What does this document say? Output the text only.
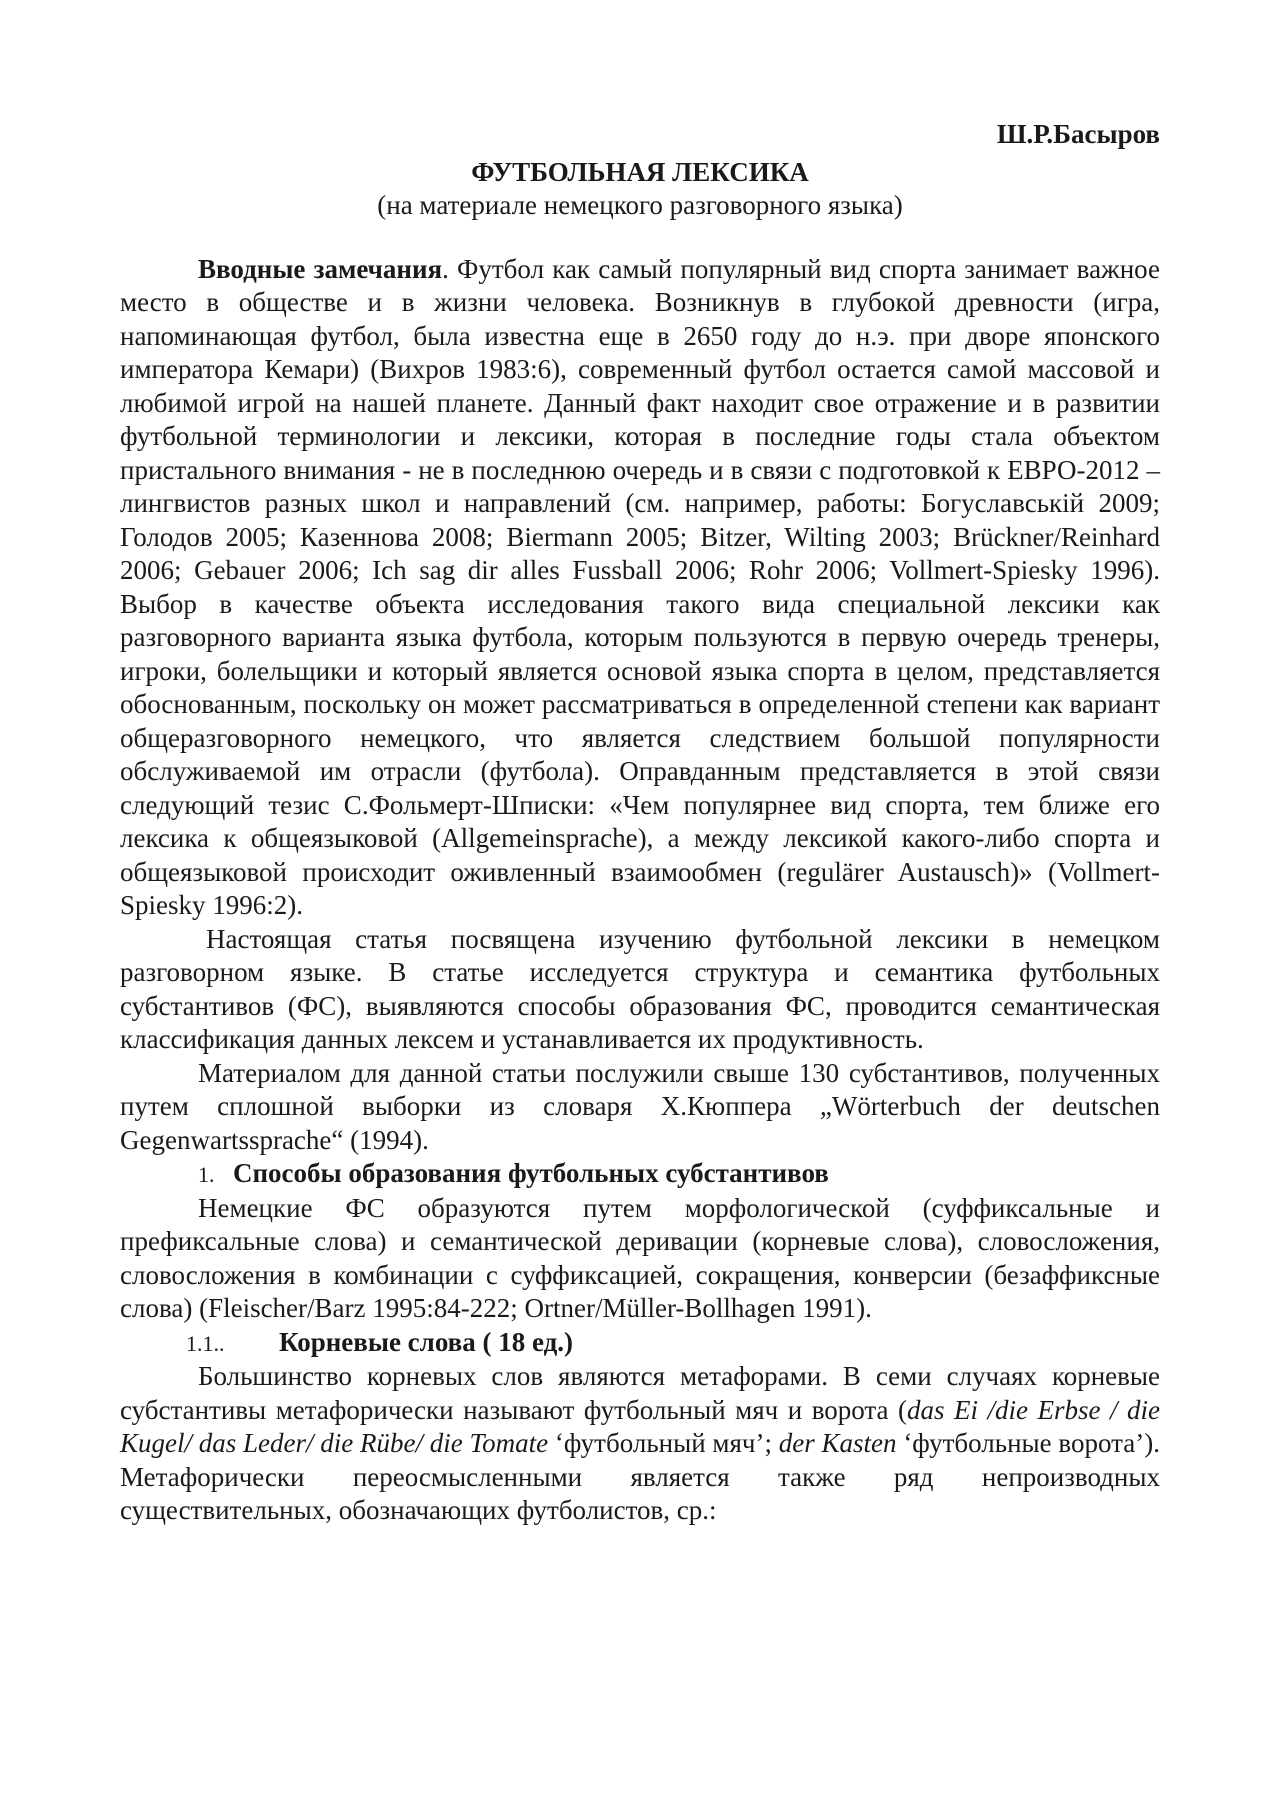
Ш.Р.Басыров
ФУТБОЛЬНАЯ ЛЕКСИКА
(на материале немецкого разговорного языка)

Вводные замечания. Футбол как самый популярный вид спорта занимает важное место в обществе и в жизни человека. Возникнув в глубокой древности (игра, напоминающая футбол, была известна еще в 2650 году до н.э. при дворе японского императора Кемари) (Вихров 1983:6), современный футбол остается самой массовой и любимой игрой на нашей планете. Данный факт находит свое отражение и в развитии футбольной терминологии и лексики, которая в последние годы стала объектом пристального внимания - не в последнюю очередь и в связи с подготовкой к ЕВРО-2012 – лингвистов разных школ и направлений (см. например, работы: Богуславськiй 2009; Голодов 2005; Казеннова 2008; Biermann 2005; Bitzer, Wilting 2003; Brückner/Reinhard 2006; Gebauer 2006; Ich sag dir alles Fussball 2006; Rohr 2006; Vollmert-Spiesky 1996). Выбор в качестве объекта исследования такого вида специальной лексики как разговорного варианта языка футбола, которым пользуются в первую очередь тренеры, игроки, болельщики и который является основой языка спорта в целом, представляется обоснованным, поскольку он может рассматриваться в определенной степени как вариант общеразговорного немецкого, что является следствием большой популярности обслуживаемой им отрасли (футбола). Оправданным представляется в этой связи следующий тезис С.Фольмерт-Шписки: «Чем популярнее вид спорта, тем ближе его лексика к общеязыковой (Allgemeinsprache), а между лексикой какого-либо спорта и общеязыковой происходит оживленный взаимообмен (regulärer Austausch)» (Vollmert-Spiesky 1996:2).

Настоящая статья посвящена изучению футбольной лексики в немецком разговорном языке. В статье исследуется структура и семантика футбольных субстантивов (ФС), выявляются способы образования ФС, проводится семантическая классификация данных лексем и устанавливается их продуктивность.

Материалом для данной статьи послужили свыше 130 субстантивов, полученных путем сплошной выборки из словаря Х.Кюппера „Wörterbuch der deutschen Gegenwartssprache“ (1994).

1. Способы образования футбольных субстантивов

Немецкие ФС образуются путем морфологической (суффиксальные и префиксальные слова) и семантической деривации (корневые слова), словосложения, словосложения в комбинации с суффиксацией, сокращения, конверсии (безаффиксные слова) (Fleischer/Barz 1995:84-222; Ortner/Müller-Bollhagen 1991).

1.1.. Корневые слова ( 18 ед.)

Большинство корневых слов являются метафорами. В семи случаях корневые субстантивы метафорически называют футбольный мяч и ворота (das Ei /die Erbse / die Kugel/ das Leder/ die Rübe/ die Tomate ‘футбольный мяч’; der Kasten ‘футбольные ворота’). Метафорически переосмысленными является также ряд непроизводных существительных, обозначающих футболистов, ср.:
